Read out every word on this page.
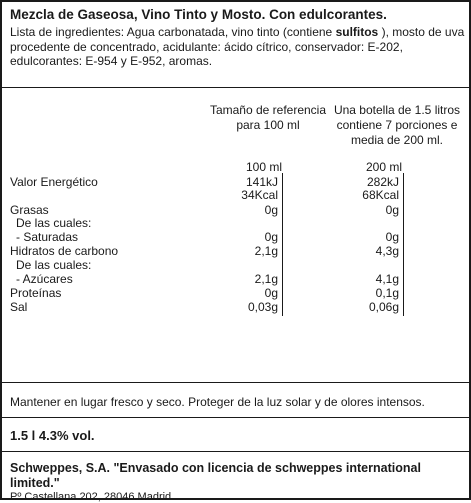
Mezcla de Gaseosa, Vino Tinto y Mosto. Con edulcorantes.
Lista de ingredientes: Agua carbonatada, vino tinto (contiene sulfitos ), mosto de uva procedente de concentrado, acidulante: ácido cítrico, conservador: E-202, edulcorantes: E-954 y E-952, aromas.
Tamaño de referencia
para 100 ml
Una botella de 1.5 litros
contiene 7 porciones e
media de 200 ml.
100 ml	200 ml
Valor Energético	141kJ	282kJ
34Kcal	68Kcal
Grasas	0g	0g
De las cuales:
- Saturadas	0g	0g
Hidratos de carbono	2,1g	4,3g
De las cuales:
- Azúcares	2,1g	4,1g
Proteínas	0g	0,1g
Sal	0,03g	0,06g
Mantener en lugar fresco y seco. Proteger de la luz solar y de olores intensos.
1.5 l 4.3% vol.
Schweppes, S.A. "Envasado con licencia de schweppes international
limited."
Pº Castellana 202, 28046 Madrid
